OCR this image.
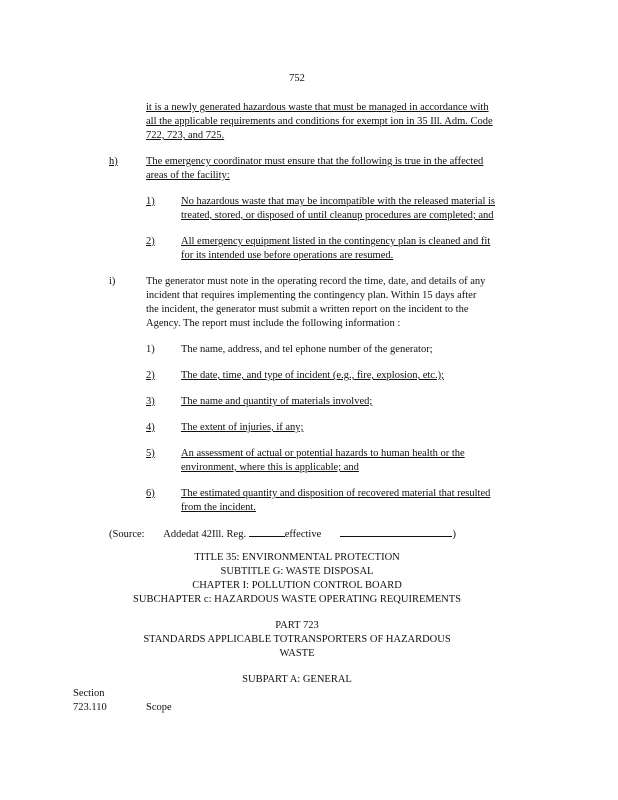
752
it is a newly generated hazardous waste that must be managed in accordance with
all the applicable requirements and conditions for exempt ion in 35 Ill. Adm. Code
722, 723, and 725.
h)	The emergency coordinator must ensure that the following is true in the affected
areas of the facility:
1)	No hazardous waste that may be incompatible with the released material is
treated, stored, or disposed of until cleanup procedures are completed; and
2)	All emergency equipment listed in the contingency plan is cleaned and fit
for its intended use before operations are resumed.
i)	The generator must note in the operating record the time, date, and details of any
incident that requires implementing the contingency plan. Within 15 days after
the incident, the generator must submit a written report on the incident to the
Agency. The report must include the following information :
1)	The name, address, and tel ephone number of the generator;
2)	The date, time, and type of incident (e.g., fire, explosion, etc.);
3)	The name and quantity of materials involved;
4)	The extent of injuries, if any;
5)	An assessment of actual or potential hazards to human health or the
environment, where this is applicable; and
6)	The estimated quantity and disposition of recovered material that resulted
from the incident.
(Source: Addedat 42Ill. Reg.	effective	)
TITLE 35: ENVIRONMENTAL PROTECTION
SUBTITLE G: WASTE DISPOSAL
CHAPTER I: POLLUTION CONTROL BOARD
SUBCHAPTER c: HAZARDOUS WASTE OPERATING REQUIREMENTS
PART 723
STANDARDS APPLICABLE TOTRANSPORTERS OF HAZARDOUS
WASTE
SUBPART A: GENERAL
Section
723.110	Scope
